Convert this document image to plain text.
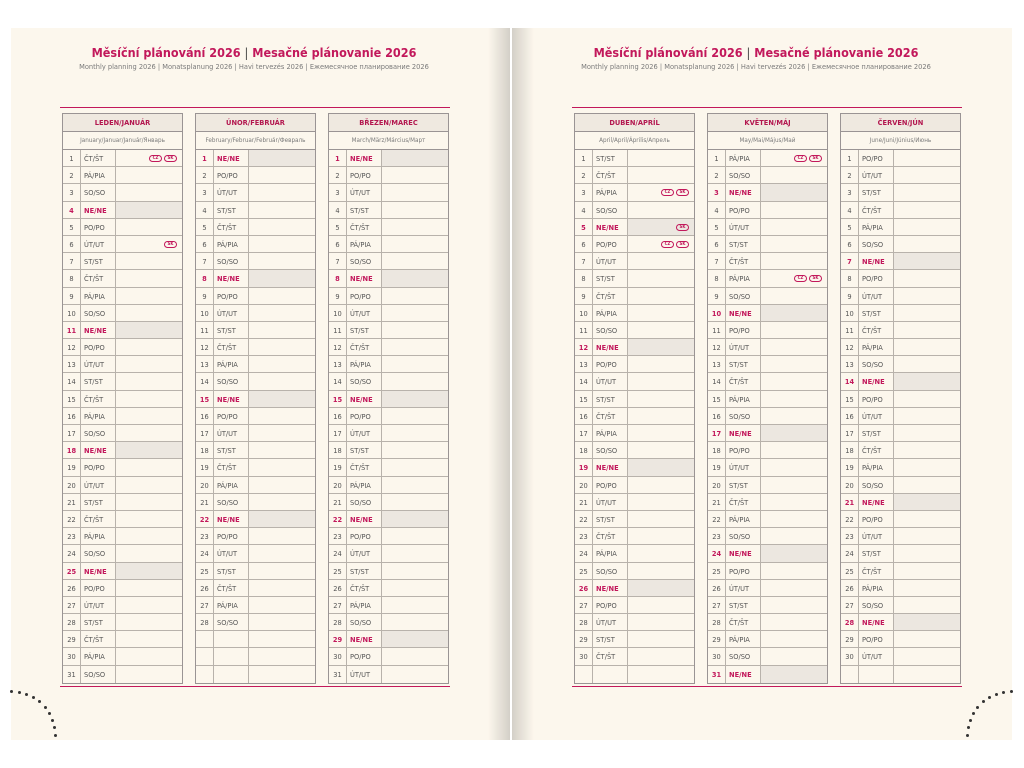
Měsíční plánování 2026 | Mesačné plánovanie 2026
Monthly planning 2026 | Monatsplanung 2026 | Havi tervezés 2026 | Ежемесячное планирование 2026
Měsíční plánování 2026 | Mesačné plánovanie 2026
Monthly planning 2026 | Monatsplanung 2026 | Havi tervezés 2026 | Ежемесячное планирование 2026
LEDEN/JANUÁR
January/Januar/Január/Январь
1	ČT/ŠT	CZ	SK
2	PÁ/PIA
3	SO/SO
4	NE/NE
5	PO/PO
6	ÚT/UT	SK
7	ST/ST
8	ČT/ŠT
9	PÁ/PIA
10	SO/SO
11	NE/NE
12	PO/PO
13	ÚT/UT
14	ST/ST
15	ČT/ŠT
16	PÁ/PIA
17	SO/SO
18	NE/NE
19	PO/PO
20	ÚT/UT
21	ST/ST
22	ČT/ŠT
23	PÁ/PIA
24	SO/SO
25	NE/NE
26	PO/PO
27	ÚT/UT
28	ST/ST
29	ČT/ŠT
30	PÁ/PIA
31	SO/SO
ÚNOR/FEBRUÁR
February/Februar/Február/Февраль
1	NE/NE
2	PO/PO
3	ÚT/UT
4	ST/ST
5	ČT/ŠT
6	PÁ/PIA
7	SO/SO
8	NE/NE
9	PO/PO
10	ÚT/UT
11	ST/ST
12	ČT/ŠT
13	PÁ/PIA
14	SO/SO
15	NE/NE
16	PO/PO
17	ÚT/UT
18	ST/ST
19	ČT/ŠT
20	PÁ/PIA
21	SO/SO
22	NE/NE
23	PO/PO
24	ÚT/UT
25	ST/ST
26	ČT/ŠT
27	PÁ/PIA
28	SO/SO
BŘEZEN/MAREC
March/März/Március/Март
1	NE/NE
2	PO/PO
3	ÚT/UT
4	ST/ST
5	ČT/ŠT
6	PÁ/PIA
7	SO/SO
8	NE/NE
9	PO/PO
10	ÚT/UT
11	ST/ST
12	ČT/ŠT
13	PÁ/PIA
14	SO/SO
15	NE/NE
16	PO/PO
17	ÚT/UT
18	ST/ST
19	ČT/ŠT
20	PÁ/PIA
21	SO/SO
22	NE/NE
23	PO/PO
24	ÚT/UT
25	ST/ST
26	ČT/ŠT
27	PÁ/PIA
28	SO/SO
29	NE/NE
30	PO/PO
31	ÚT/UT
DUBEN/APRÍL
April/April/Április/Апрель
1	ST/ST
2	ČT/ŠT
3	PÁ/PIA	CZ	SK
4	SO/SO
5	NE/NE	SK
6	PO/PO	CZ	SK
7	ÚT/UT
8	ST/ST
9	ČT/ŠT
10	PÁ/PIA
11	SO/SO
12	NE/NE
13	PO/PO
14	ÚT/UT
15	ST/ST
16	ČT/ŠT
17	PÁ/PIA
18	SO/SO
19	NE/NE
20	PO/PO
21	ÚT/UT
22	ST/ST
23	ČT/ŠT
24	PÁ/PIA
25	SO/SO
26	NE/NE
27	PO/PO
28	ÚT/UT
29	ST/ST
30	ČT/ŠT
KVĚTEN/MÁJ
May/Mai/Május/Май
1	PÁ/PIA	CZ	SK
2	SO/SO
3	NE/NE
4	PO/PO
5	ÚT/UT
6	ST/ST
7	ČT/ŠT
8	PÁ/PIA	CZ	SK
9	SO/SO
10	NE/NE
11	PO/PO
12	ÚT/UT
13	ST/ST
14	ČT/ŠT
15	PÁ/PIA
16	SO/SO
17	NE/NE
18	PO/PO
19	ÚT/UT
20	ST/ST
21	ČT/ŠT
22	PÁ/PIA
23	SO/SO
24	NE/NE
25	PO/PO
26	ÚT/UT
27	ST/ST
28	ČT/ŠT
29	PÁ/PIA
30	SO/SO
31	NE/NE
ČERVEN/JÚN
June/Juni/Június/Июнь
1	PO/PO
2	ÚT/UT
3	ST/ST
4	ČT/ŠT
5	PÁ/PIA
6	SO/SO
7	NE/NE
8	PO/PO
9	ÚT/UT
10	ST/ST
11	ČT/ŠT
12	PÁ/PIA
13	SO/SO
14	NE/NE
15	PO/PO
16	ÚT/UT
17	ST/ST
18	ČT/ŠT
19	PÁ/PIA
20	SO/SO
21	NE/NE
22	PO/PO
23	ÚT/UT
24	ST/ST
25	ČT/ŠT
26	PÁ/PIA
27	SO/SO
28	NE/NE
29	PO/PO
30	ÚT/UT
